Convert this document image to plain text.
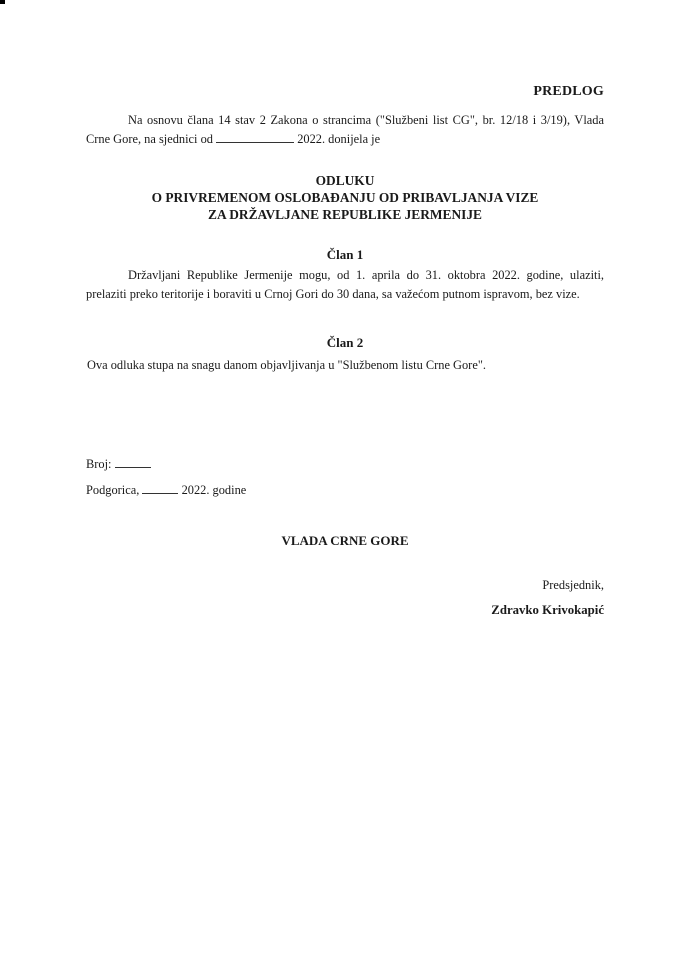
PREDLOG
Na osnovu člana 14 stav 2 Zakona o strancima ("Službeni list CG", br. 12/18 i 3/19), Vlada Crne Gore, na sjednici od	2022. donijela je
ODLUKU
O PRIVREMENOM OSLOBAĐANJU OD PRIBAVLJANJA VIZE
ZA DRŽAVLJANE REPUBLIKE JERMENIJE
Član 1
Državljani Republike Jermenije mogu, od 1. aprila do 31. oktobra 2022. godine, ulaziti, prelaziti preko teritorije i boraviti u Crnoj Gori do 30 dana, sa važećom putnom ispravom, bez vize.
Član 2
Ova odluka stupa na snagu danom objavljivanja u "Službenom listu Crne Gore".
Broj:
Podgorica,	2022. godine
VLADA CRNE GORE
Predsjednik,
Zdravko Krivokapić
